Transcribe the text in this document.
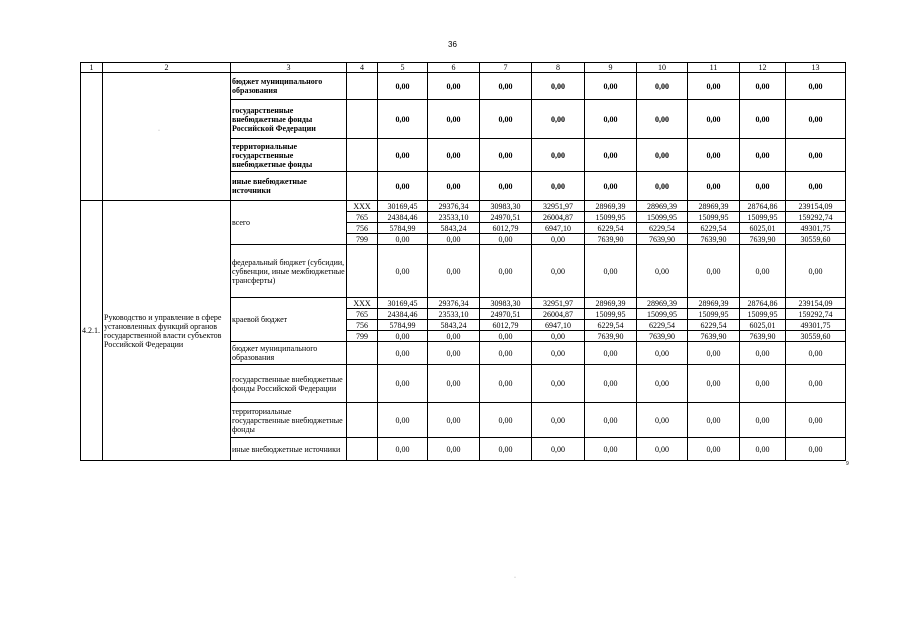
36
1	2	3	4	5	6	7	8	9	10	11	12	13
		бюджет муниципального образования		0,00	0,00	0,00	0,00	0,00	0,00	0,00	0,00	0,00
		государственные внебюджетные фонды Российской Федерации		0,00	0,00	0,00	0,00	0,00	0,00	0,00	0,00	0,00
		территориальные государственные внебюджетные фонды		0,00	0,00	0,00	0,00	0,00	0,00	0,00	0,00	0,00
		иные внебюджетные источники		0,00	0,00	0,00	0,00	0,00	0,00	0,00	0,00	0,00
4.2.1.	Руководство и управление в сфере установленных функций органов государственной власти субъектов Российской Федерации	всего	XXX	30169,45	29376,34	30983,30	32951,97	28969,39	28969,39	28969,39	28764,86	239154,09
			765	24384,46	23533,10	24970,51	26004,87	15099,95	15099,95	15099,95	15099,95	159292,74
			756	5784,99	5843,24	6012,79	6947,10	6229,54	6229,54	6229,54	6025,01	49301,75
			799	0,00	0,00	0,00	0,00	7639,90	7639,90	7639,90	7639,90	30559,60
		федеральный бюджет (субсидии, субвенции, иные межбюджетные трансферты)		0,00	0,00	0,00	0,00	0,00	0,00	0,00	0,00	0,00
		краевой бюджет	XXX	30169,45	29376,34	30983,30	32951,97	28969,39	28969,39	28969,39	28764,86	239154,09
			765	24384,46	23533,10	24970,51	26004,87	15099,95	15099,95	15099,95	15099,95	159292,74
			756	5784,99	5843,24	6012,79	6947,10	6229,54	6229,54	6229,54	6025,01	49301,75
			799	0,00	0,00	0,00	0,00	7639,90	7639,90	7639,90	7639,90	30559,60
		бюджет муниципального образования		0,00	0,00	0,00	0,00	0,00	0,00	0,00	0,00	0,00
		государственные внебюджетные фонды Российской Федерации		0,00	0,00	0,00	0,00	0,00	0,00	0,00	0,00	0,00
		территориальные государственные внебюджетные фонды		0,00	0,00	0,00	0,00	0,00	0,00	0,00	0,00	0,00
		иные внебюджетные источники		0,00	0,00	0,00	0,00	0,00	0,00	0,00	0,00	0,00
9
·
·
